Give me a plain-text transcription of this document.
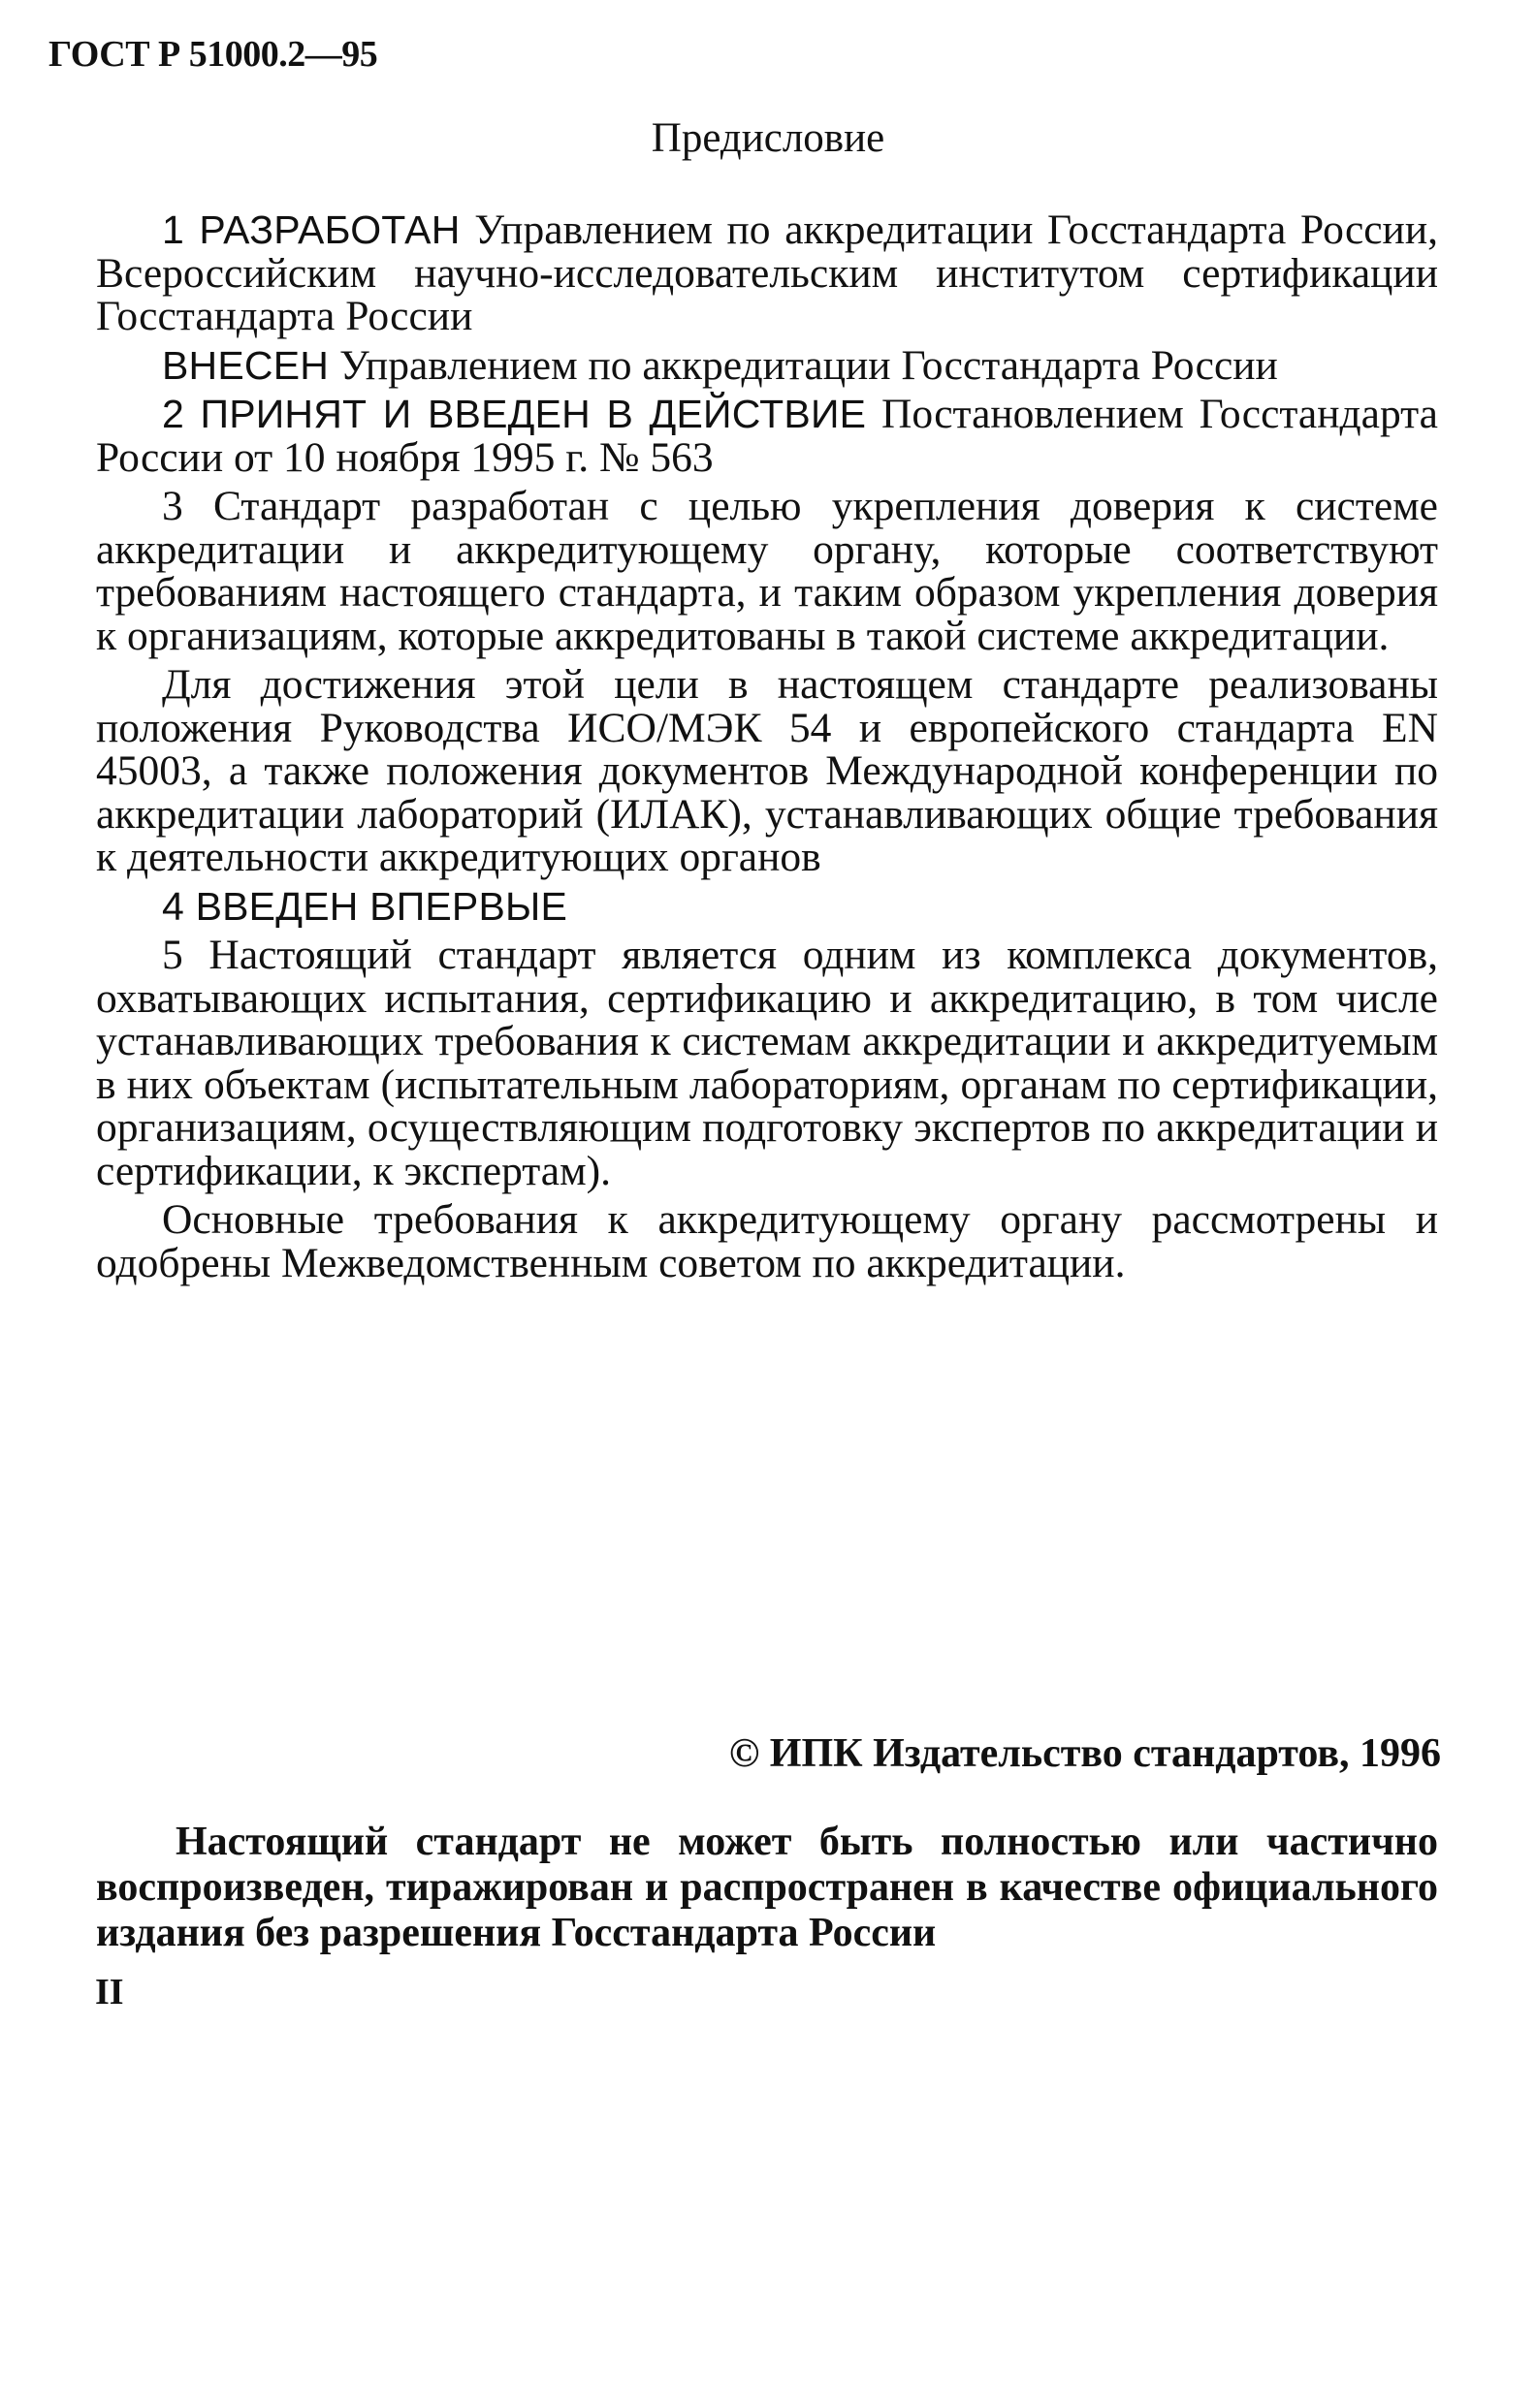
ГОСТ Р 51000.2—95
Предисловие

1 РАЗРАБОТАН Управлением по аккредитации Госстандарта России, Всероссийским научно-исследовательским институтом сертификации Госстандарта России

ВНЕСЕН Управлением по аккредитации Госстандарта России

2 ПРИНЯТ И ВВЕДЕН В ДЕЙСТВИЕ Постановлением Госстандарта России от 10 ноября 1995 г. № 563

3 Стандарт разработан с целью укрепления доверия к системе аккредитации и аккредитующему органу, которые соответствуют требованиям настоящего стандарта, и таким образом укрепления доверия к организациям, которые аккредитованы в такой системе аккредитации.

Для достижения этой цели в настоящем стандарте реализованы положения Руководства ИСО/МЭК 54 и европейского стандарта EN 45003, а также положения документов Международной конференции по аккредитации лабораторий (ИЛАК), устанавливающих общие требования к деятельности аккредитующих органов

4 ВВЕДЕН ВПЕРВЫЕ

5 Настоящий стандарт является одним из комплекса документов, охватывающих испытания, сертификацию и аккредитацию, в том числе устанавливающих требования к системам аккредитации и аккредитуемым в них объектам (испытательным лабораториям, органам по сертификации, организациям, осуществляющим подготовку экспертов по аккредитации и сертификации, к экспертам).

Основные требования к аккредитующему органу рассмотрены и одобрены Межведомственным советом по аккредитации.

© ИПК Издательство стандартов, 1996
Настоящий стандарт не может быть полностью или частично воспроизведен, тиражирован и распространен в качестве официального издания без разрешения Госстандарта России
II
